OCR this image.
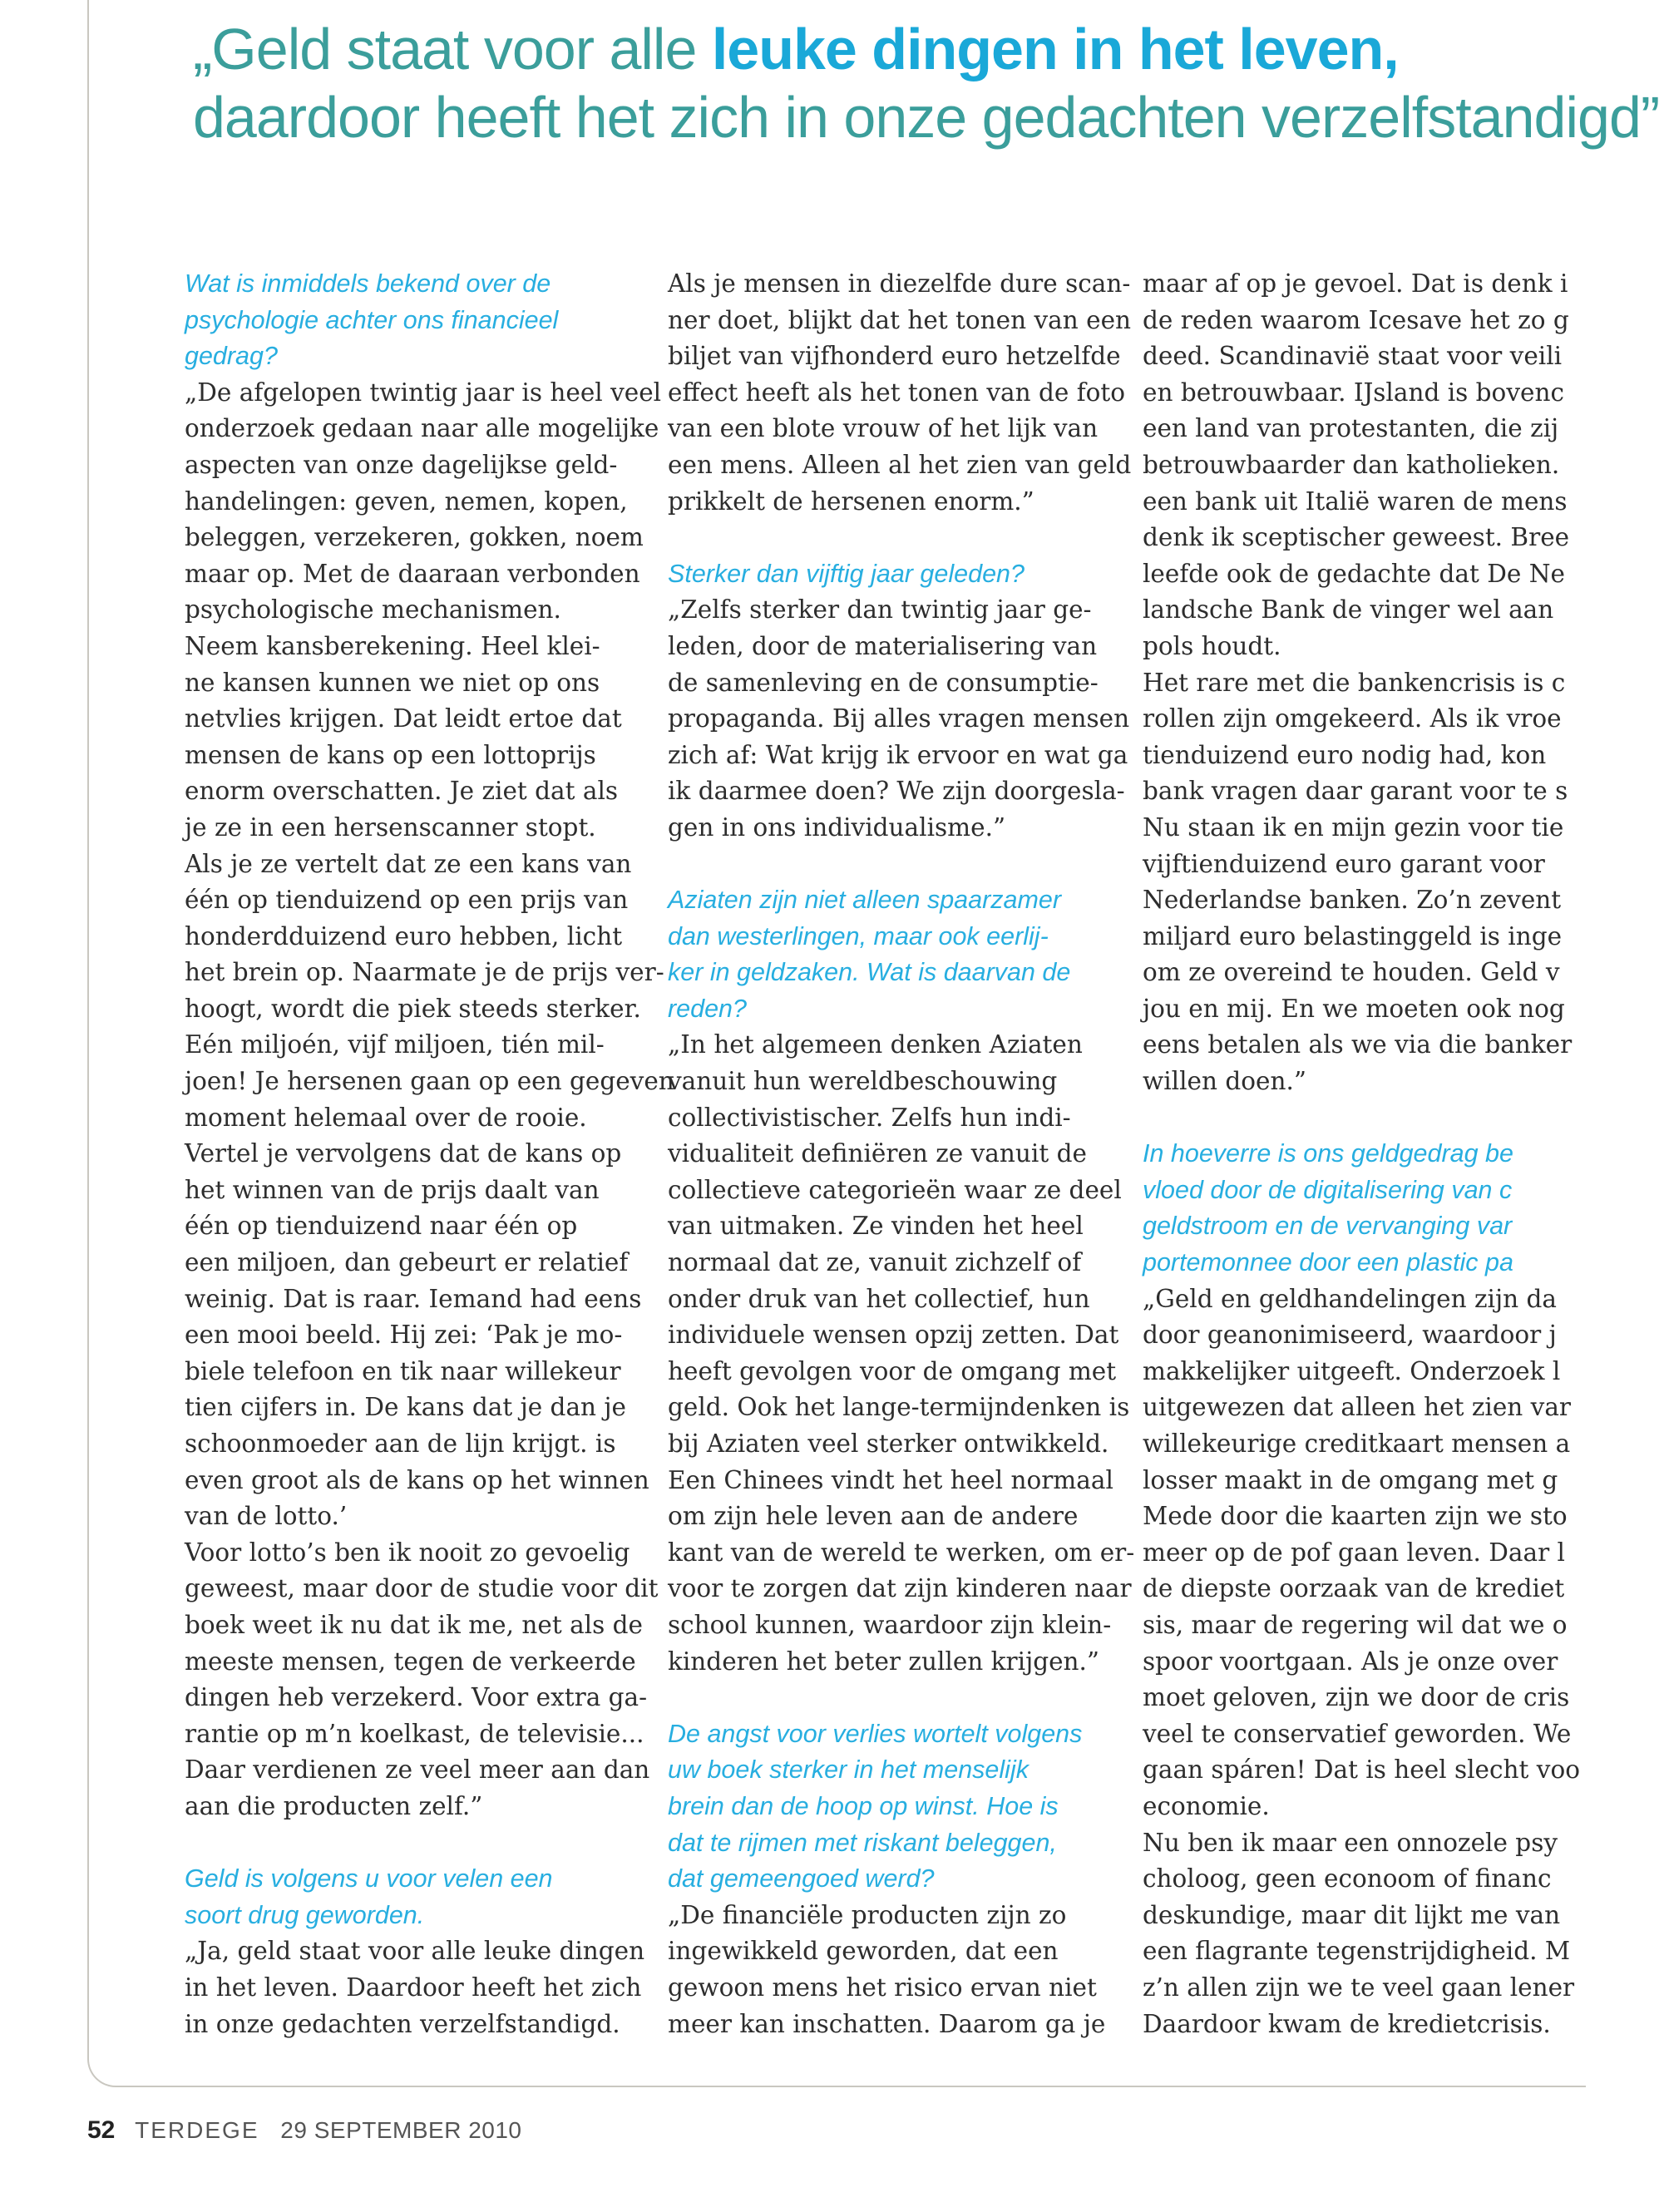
„Geld staat voor alle leuke dingen in het leven,
daardoor heeft het zich in onze gedachten verzelfstandigd”

Wat is inmiddels bekend over de

psychologie achter ons financieel

gedrag?

„De afgelopen twintig jaar is heel veel

onderzoek gedaan naar alle mogelijke

aspecten van onze dagelijkse geld-

handelingen: geven, nemen, kopen,

beleggen, verzekeren, gokken, noem

maar op. Met de daaraan verbonden

psychologische mechanismen.

Neem kansberekening. Heel klei-

ne kansen kunnen we niet op ons

netvlies krijgen. Dat leidt ertoe dat

mensen de kans op een lottoprijs

enorm overschatten. Je ziet dat als

je ze in een hersenscanner stopt.

Als je ze vertelt dat ze een kans van

één op tienduizend op een prijs van

honderdduizend euro hebben, licht

het brein op. Naarmate je de prijs ver-

hoogt, wordt die piek steeds sterker.

Eén miljoén, vijf miljoen, tién mil-

joen! Je hersenen gaan op een gegeven

moment helemaal over de rooie.

Vertel je vervolgens dat de kans op

het winnen van de prijs daalt van

één op tienduizend naar één op

een miljoen, dan gebeurt er relatief

weinig. Dat is raar. Iemand had eens

een mooi beeld. Hij zei: ‘Pak je mo-

biele telefoon en tik naar willekeur

tien cijfers in. De kans dat je dan je

schoonmoeder aan de lijn krijgt. is

even groot als de kans op het winnen

van de lotto.’

Voor lotto’s ben ik nooit zo gevoelig

geweest, maar door de studie voor dit

boek weet ik nu dat ik me, net als de

meeste mensen, tegen de verkeerde

dingen heb verzekerd. Voor extra ga-

rantie op m’n koelkast, de televisie...

Daar verdienen ze veel meer aan dan

aan die producten zelf.”

Geld is volgens u voor velen een

soort drug geworden.

„Ja, geld staat voor alle leuke dingen

in het leven. Daardoor heeft het zich

in onze gedachten verzelfstandigd.

Als je mensen in diezelfde dure scan-

ner doet, blijkt dat het tonen van een

biljet van vijfhonderd euro hetzelfde

effect heeft als het tonen van de foto

van een blote vrouw of het lijk van

een mens. Alleen al het zien van geld

prikkelt de hersenen enorm.”

Sterker dan vijftig jaar geleden?

„Zelfs sterker dan twintig jaar ge-

leden, door de materialisering van

de samenleving en de consumptie-

propaganda. Bij alles vragen mensen

zich af: Wat krijg ik ervoor en wat ga

ik daarmee doen? We zijn doorgesla-

gen in ons individualisme.”

Aziaten zijn niet alleen spaarzamer

dan westerlingen, maar ook eerlij-

ker in geldzaken. Wat is daarvan de

reden?

„In het algemeen denken Aziaten

vanuit hun wereldbeschouwing

collectivistischer. Zelfs hun indi-

vidualiteit definiëren ze vanuit de

collectieve categorieën waar ze deel

van uitmaken. Ze vinden het heel

normaal dat ze, vanuit zichzelf of

onder druk van het collectief, hun

individuele wensen opzij zetten. Dat

heeft gevolgen voor de omgang met

geld. Ook het lange-termijndenken is

bij Aziaten veel sterker ontwikkeld.

Een Chinees vindt het heel normaal

om zijn hele leven aan de andere

kant van de wereld te werken, om er-

voor te zorgen dat zijn kinderen naar

school kunnen, waardoor zijn klein-

kinderen het beter zullen krijgen.”

De angst voor verlies wortelt volgens

uw boek sterker in het menselijk

brein dan de hoop op winst. Hoe is

dat te rijmen met riskant beleggen,

dat gemeengoed werd?

„De financiële producten zijn zo

ingewikkeld geworden, dat een

gewoon mens het risico ervan niet

meer kan inschatten. Daarom ga je

maar af op je gevoel. Dat is denk i

de reden waarom Icesave het zo g

deed. Scandinavië staat voor veili

en betrouwbaar. IJsland is bovenc

een land van protestanten, die zij

betrouwbaarder dan katholieken.

een bank uit Italië waren de mens

denk ik sceptischer geweest. Bree

leefde ook de gedachte dat De Ne

landsche Bank de vinger wel aan

pols houdt.

Het rare met die bankencrisis is c

rollen zijn omgekeerd. Als ik vroe

tienduizend euro nodig had, kon

bank vragen daar garant voor te s

Nu staan ik en mijn gezin voor tie

vijftienduizend euro garant voor

Nederlandse banken. Zo’n zevent

miljard euro belastinggeld is inge

om ze overeind te houden. Geld v

jou en mij. En we moeten ook nog

eens betalen als we via die banker

willen doen.”

In hoeverre is ons geldgedrag be

vloed door de digitalisering van c

geldstroom en de vervanging var

portemonnee door een plastic pa

„Geld en geldhandelingen zijn da

door geanonimiseerd, waardoor j

makkelijker uitgeeft. Onderzoek l

uitgewezen dat alleen het zien var

willekeurige creditkaart mensen a

losser maakt in de omgang met g

Mede door die kaarten zijn we sto

meer op de pof gaan leven. Daar l

de diepste oorzaak van de krediet

sis, maar de regering wil dat we o

spoor voortgaan. Als je onze over

moet geloven, zijn we door de cris

veel te conservatief geworden. We

gaan spáren! Dat is heel slecht voo

economie.

Nu ben ik maar een onnozele psy

choloog, geen econoom of financ

deskundige, maar dit lijkt me van

een flagrante tegenstrijdigheid. M

z’n allen zijn we te veel gaan lener

Daardoor kwam de kredietcrisis.

52 TERDEGE 29 SEPTEMBER 2010
